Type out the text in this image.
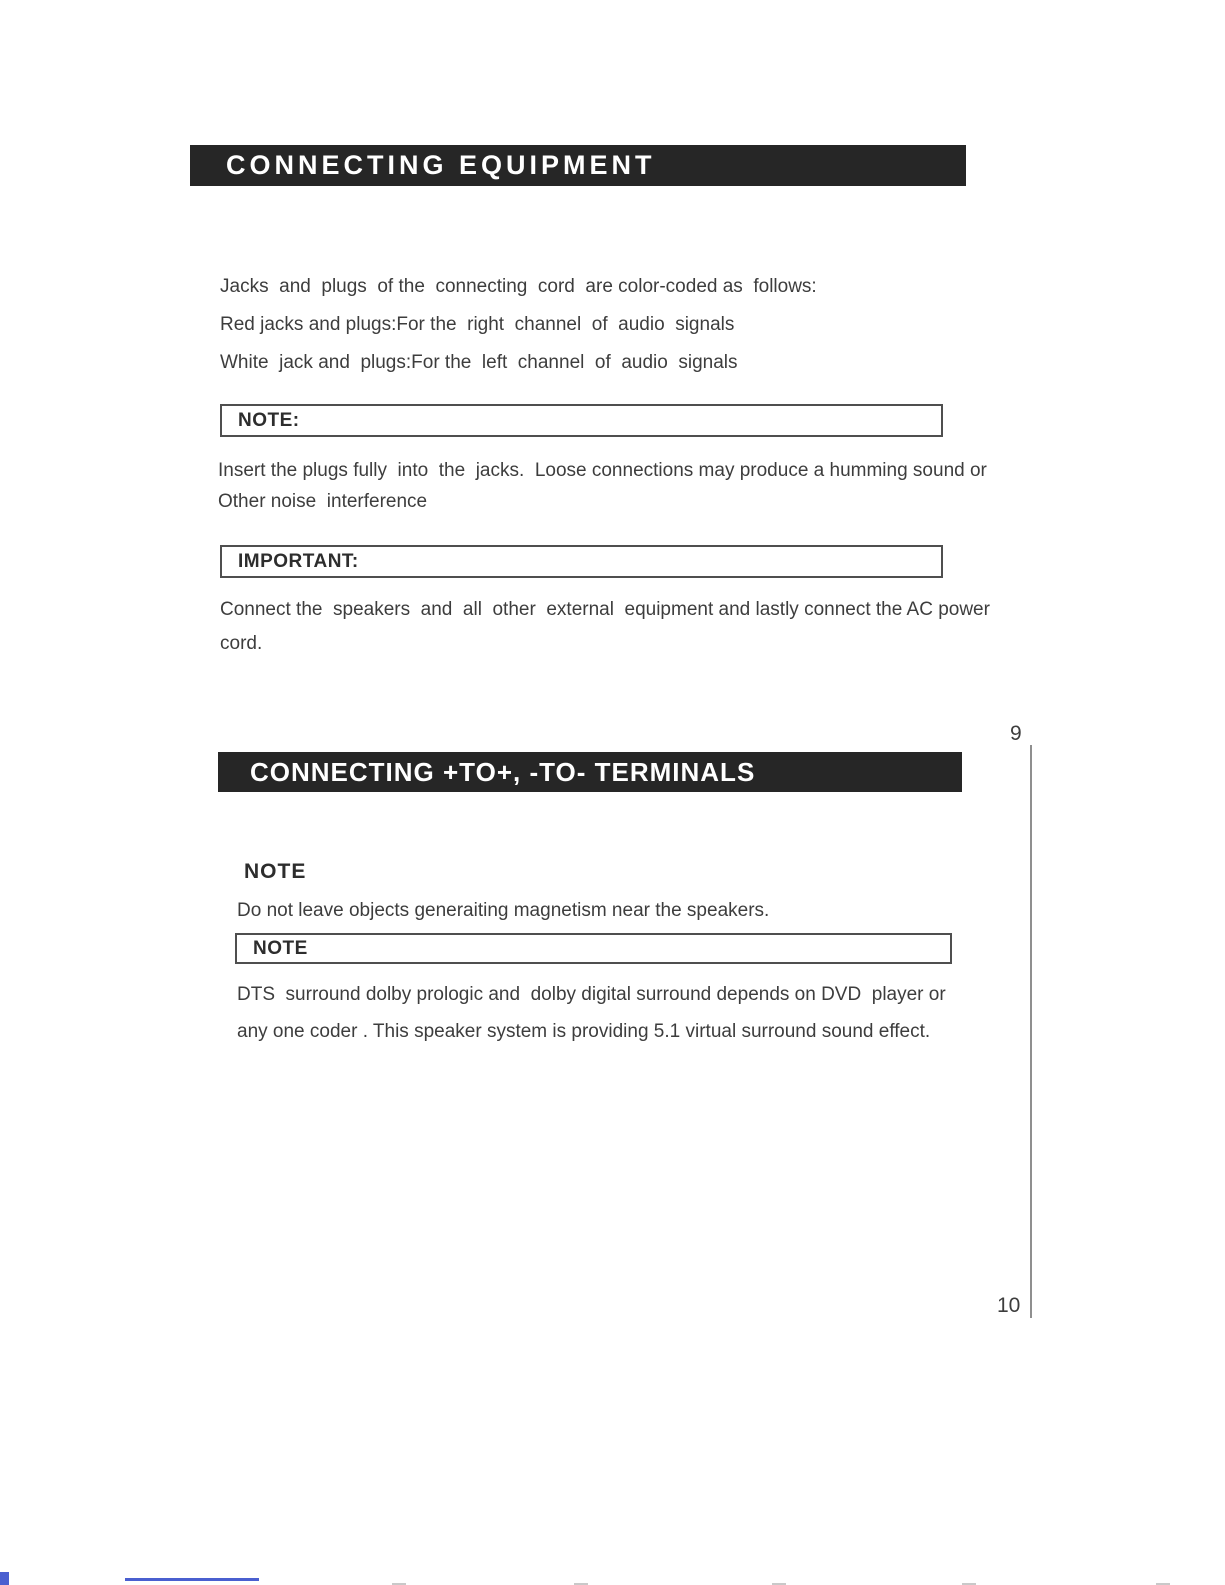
CONNECTING EQUIPMENT
Jacks  and  plugs  of the  connecting  cord  are color-coded as  follows:
Red jacks and plugs:For the  right  channel  of  audio  signals
White  jack and  plugs:For the  left  channel  of  audio  signals
NOTE:
Insert the plugs fully  into  the  jacks.  Loose connections may produce a humming sound or
Other noise  interference
IMPORTANT:
Connect the  speakers  and  all  other  external  equipment and lastly connect the AC power
cord.
9
CONNECTING +TO+, -TO- TERMINALS
NOTE
Do not leave objects generaiting magnetism near the speakers.
NOTE
DTS  surround dolby prologic and  dolby digital surround depends on DVD  player or
any one coder . This speaker system is providing 5.1 virtual surround sound effect.
10
